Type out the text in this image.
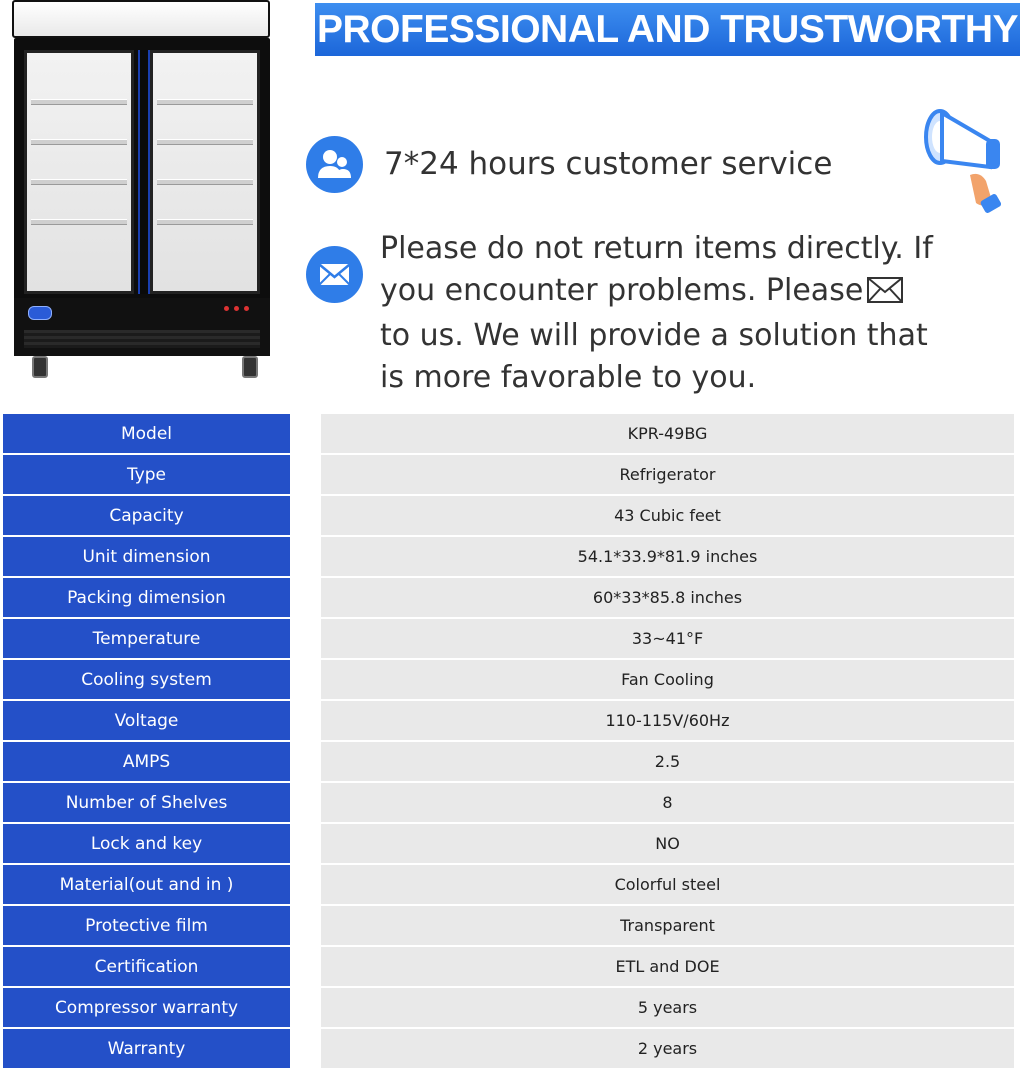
PROFESSIONAL AND TRUSTWORTHY
7*24 hours customer service
Please do not return items directly. If
you encounter problems. Please
to us. We will provide a solution that
is more favorable to you.
Model	KPR-49BG
Type	Refrigerator
Capacity	43 Cubic feet
Unit dimension	54.1*33.9*81.9 inches
Packing dimension	60*33*85.8 inches
Temperature	33~41°F
Cooling system	Fan Cooling
Voltage	110-115V/60Hz
AMPS	2.5
Number of Shelves	8
Lock and key	NO
Material(out and in )	Colorful steel
Protective film	Transparent
Certification	ETL and DOE
Compressor warranty	5 years
Warranty	2 years
